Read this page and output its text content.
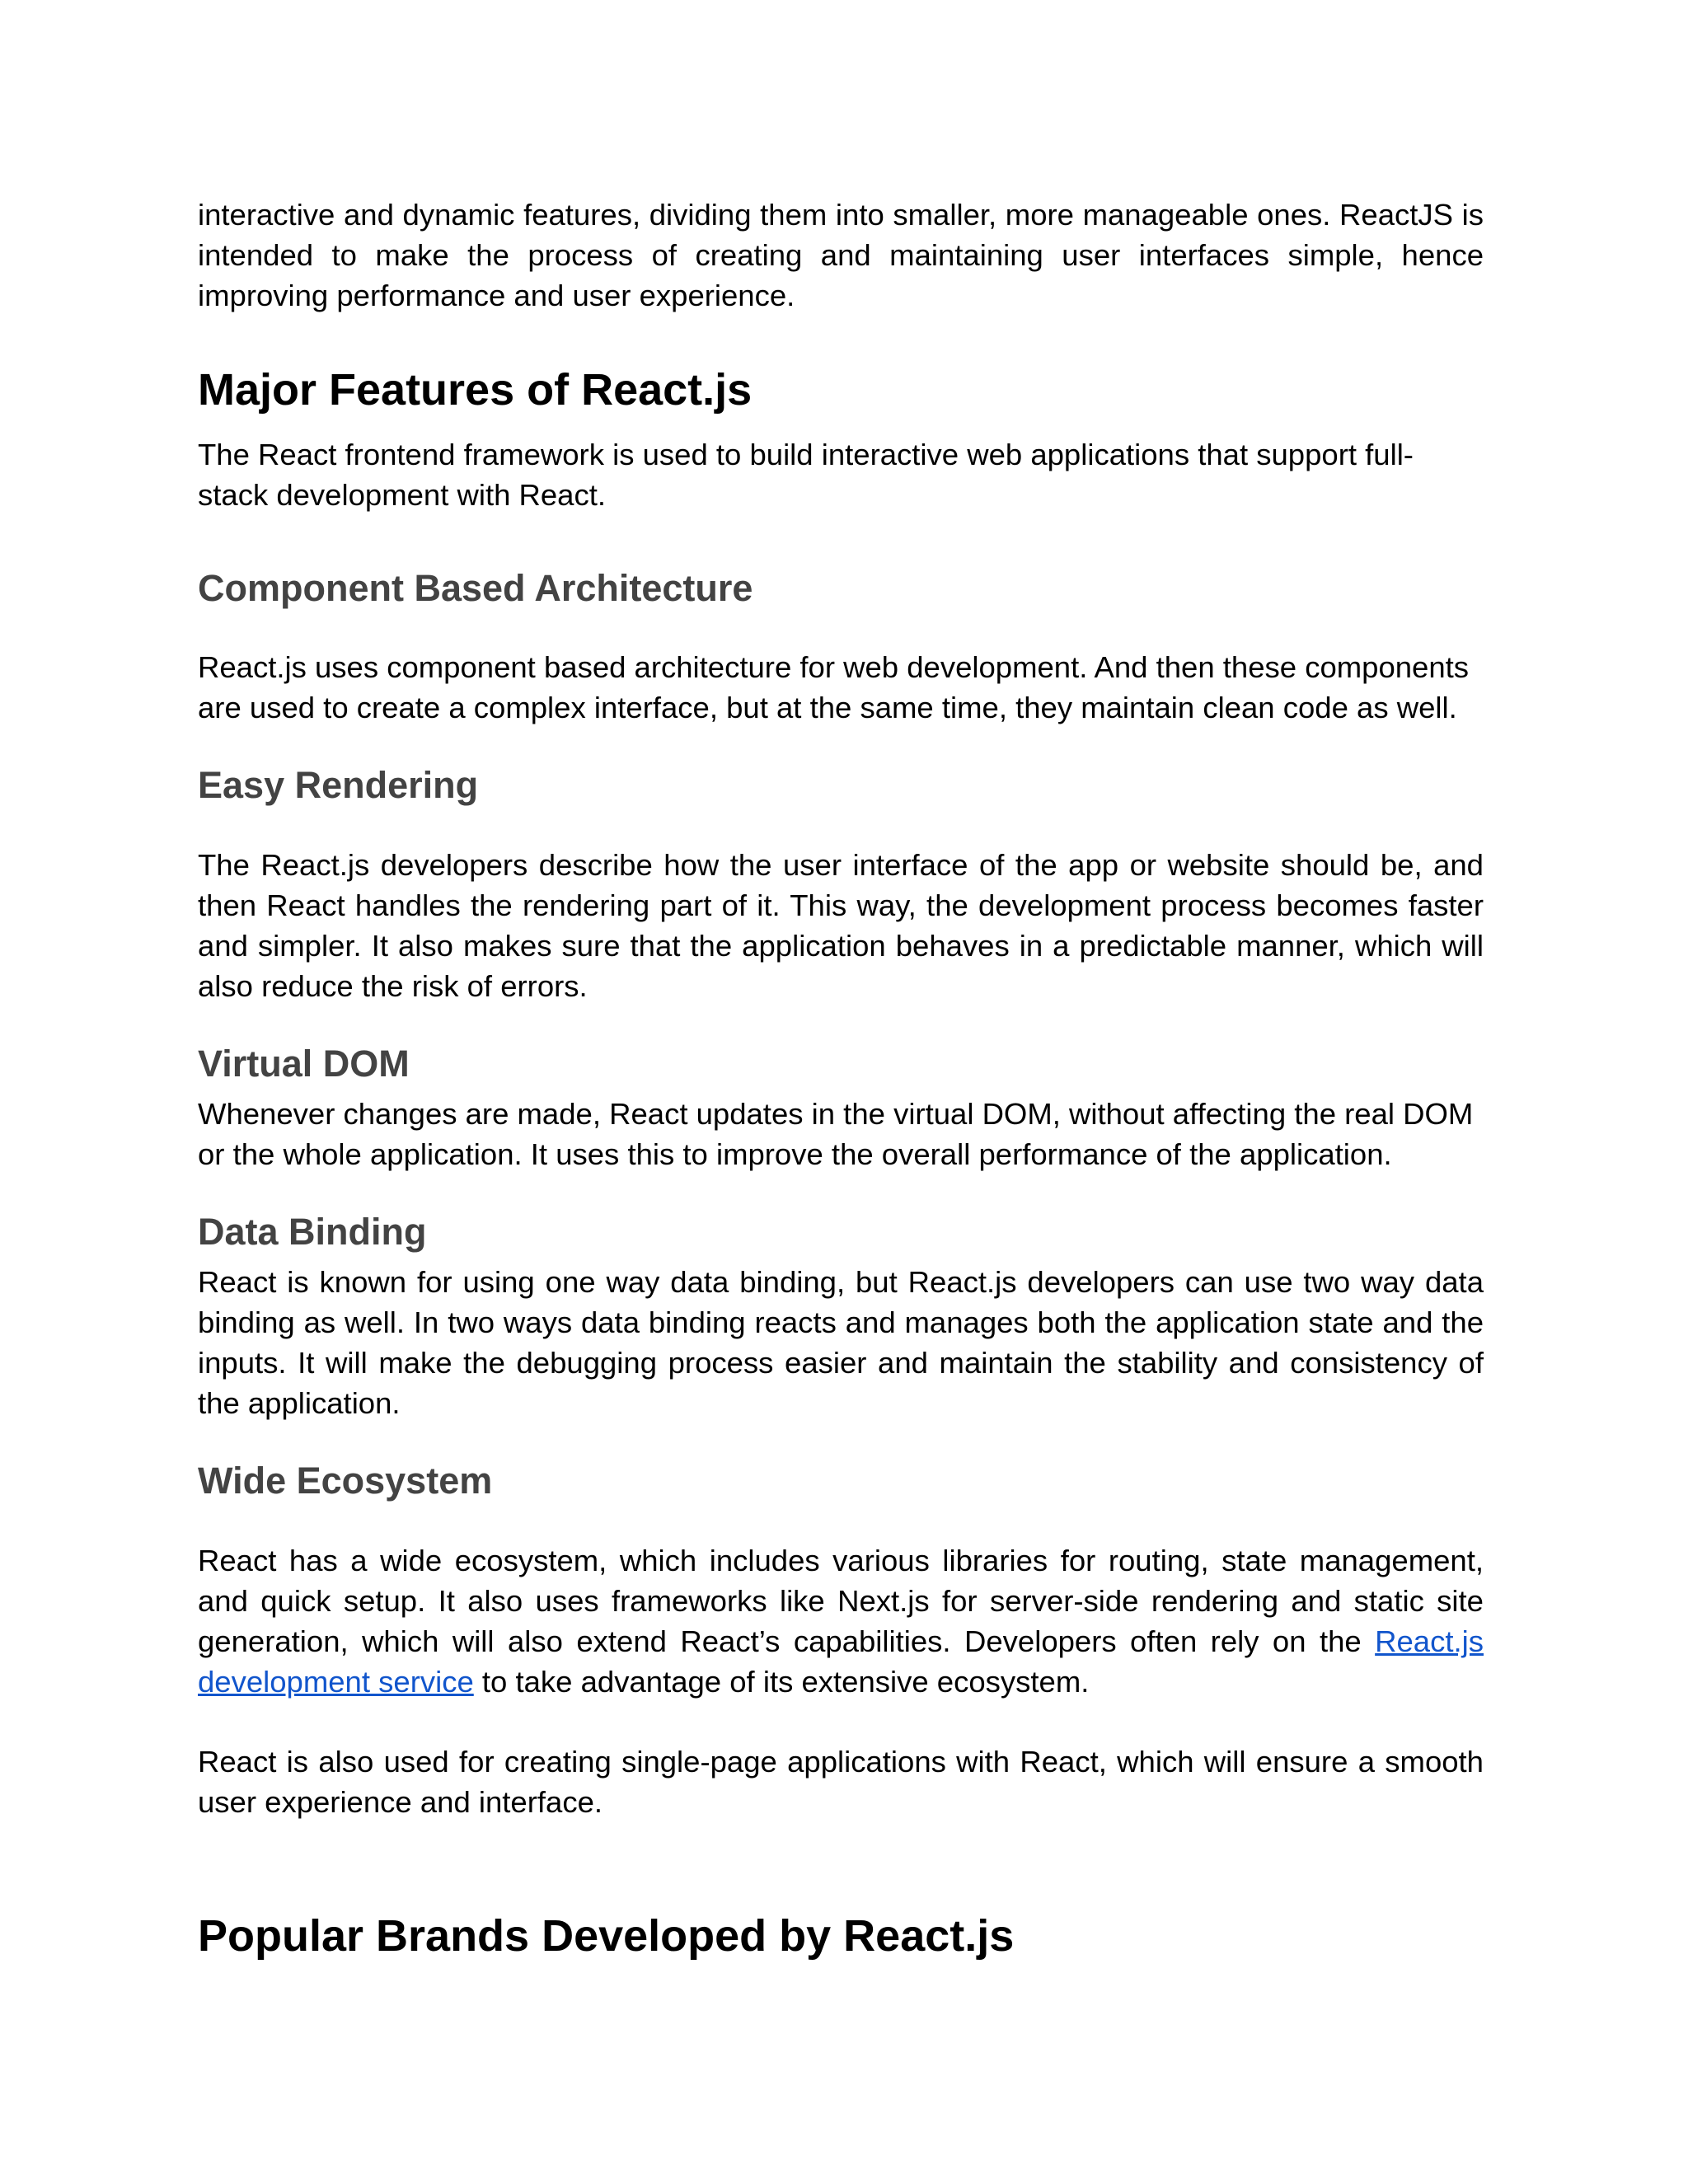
interactive and dynamic features, dividing them into smaller, more manageable ones. ReactJS is intended to make the process of creating and maintaining user interfaces simple, hence improving performance and user experience.

Major Features of React.js

The React frontend framework is used to build interactive web applications that support full-stack development with React.

Component Based Architecture

React.js uses component based architecture for web development. And then these components are used to create a complex interface, but at the same time, they maintain clean code as well.

Easy Rendering

The React.js developers describe how the user interface of the app or website should be, and then React handles the rendering part of it. This way, the development process becomes faster and simpler. It also makes sure that the application behaves in a predictable manner, which will also reduce the risk of errors.

Virtual DOM

Whenever changes are made, React updates in the virtual DOM, without affecting the real DOM or the whole application. It uses this to improve the overall performance of the application.

Data Binding

React is known for using one way data binding, but React.js developers can use two way data binding as well. In two ways data binding reacts and manages both the application state and the inputs. It will make the debugging process easier and maintain the stability and consistency of the application.

Wide Ecosystem

React has a wide ecosystem, which includes various libraries for routing, state management, and quick setup. It also uses frameworks like Next.js for server-side rendering and static site generation, which will also extend React’s capabilities. Developers often rely on the React.js development service to take advantage of its extensive ecosystem.

React is also used for creating single-page applications with React, which will ensure a smooth user experience and interface.

Popular Brands Developed by React.js
